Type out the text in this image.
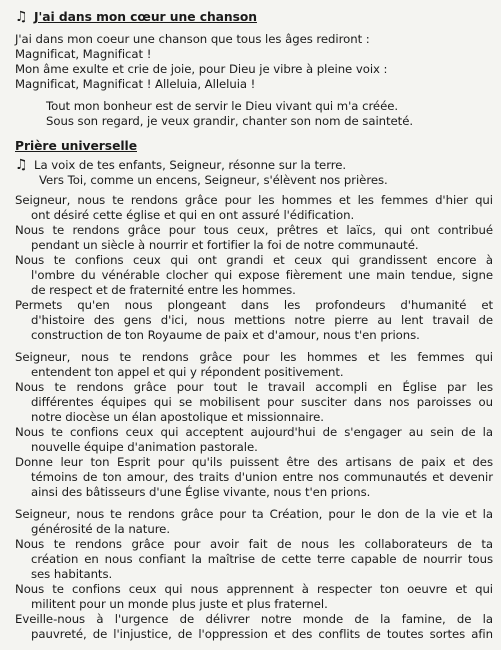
♫ J'ai dans mon cœur une chanson
J'ai dans mon coeur une chanson que tous les âges rediront :
Magnificat, Magnificat !
Mon âme exulte et crie de joie, pour Dieu je vibre à pleine voix :
Magnificat, Magnificat ! Alleluia, Alleluia !
Tout mon bonheur est de servir le Dieu vivant qui m'a créée.
Sous son regard, je veux grandir, chanter son nom de sainteté.
Prière universelle
♫ La voix de tes enfants, Seigneur, résonne sur la terre.
Vers Toi, comme un encens, Seigneur, s'élèvent nos prières.
Seigneur, nous te rendons grâce pour les hommes et les femmes d'hier qui
ont désiré cette église et qui en ont assuré l'édification.
Nous te rendons grâce pour tous ceux, prêtres et laïcs, qui ont contribué
pendant un siècle à nourrir et fortifier la foi de notre communauté.
Nous te confions ceux qui ont grandi et ceux qui grandissent encore à
l'ombre du vénérable clocher qui expose fièrement une main tendue, signe
de respect et de fraternité entre les hommes.
Permets qu'en nous plongeant dans les profondeurs d'humanité et
d'histoire des gens d'ici, nous mettions notre pierre au lent travail de
construction de ton Royaume de paix et d'amour, nous t'en prions.
Seigneur, nous te rendons grâce pour les hommes et les femmes qui
entendent ton appel et qui y répondent positivement.
Nous te rendons grâce pour tout le travail accompli en Église par les
différentes équipes qui se mobilisent pour susciter dans nos paroisses ou
notre diocèse un élan apostolique et missionnaire.
Nous te confions ceux qui acceptent aujourd'hui de s'engager au sein de la
nouvelle équipe d'animation pastorale.
Donne leur ton Esprit pour qu'ils puissent être des artisans de paix et des
témoins de ton amour, des traits d'union entre nos communautés et devenir
ainsi des bâtisseurs d'une Église vivante, nous t'en prions.
Seigneur, nous te rendons grâce pour ta Création, pour le don de la vie et la
générosité de la nature.
Nous te rendons grâce pour avoir fait de nous les collaborateurs de ta
création en nous confiant la maîtrise de cette terre capable de nourrir tous
ses habitants.
Nous te confions ceux qui nous apprennent à respecter ton oeuvre et qui
militent pour un monde plus juste et plus fraternel.
Eveille-nous à l'urgence de délivrer notre monde de la famine, de la
pauvreté, de l'injustice, de l'oppression et des conflits de toutes sortes afin
